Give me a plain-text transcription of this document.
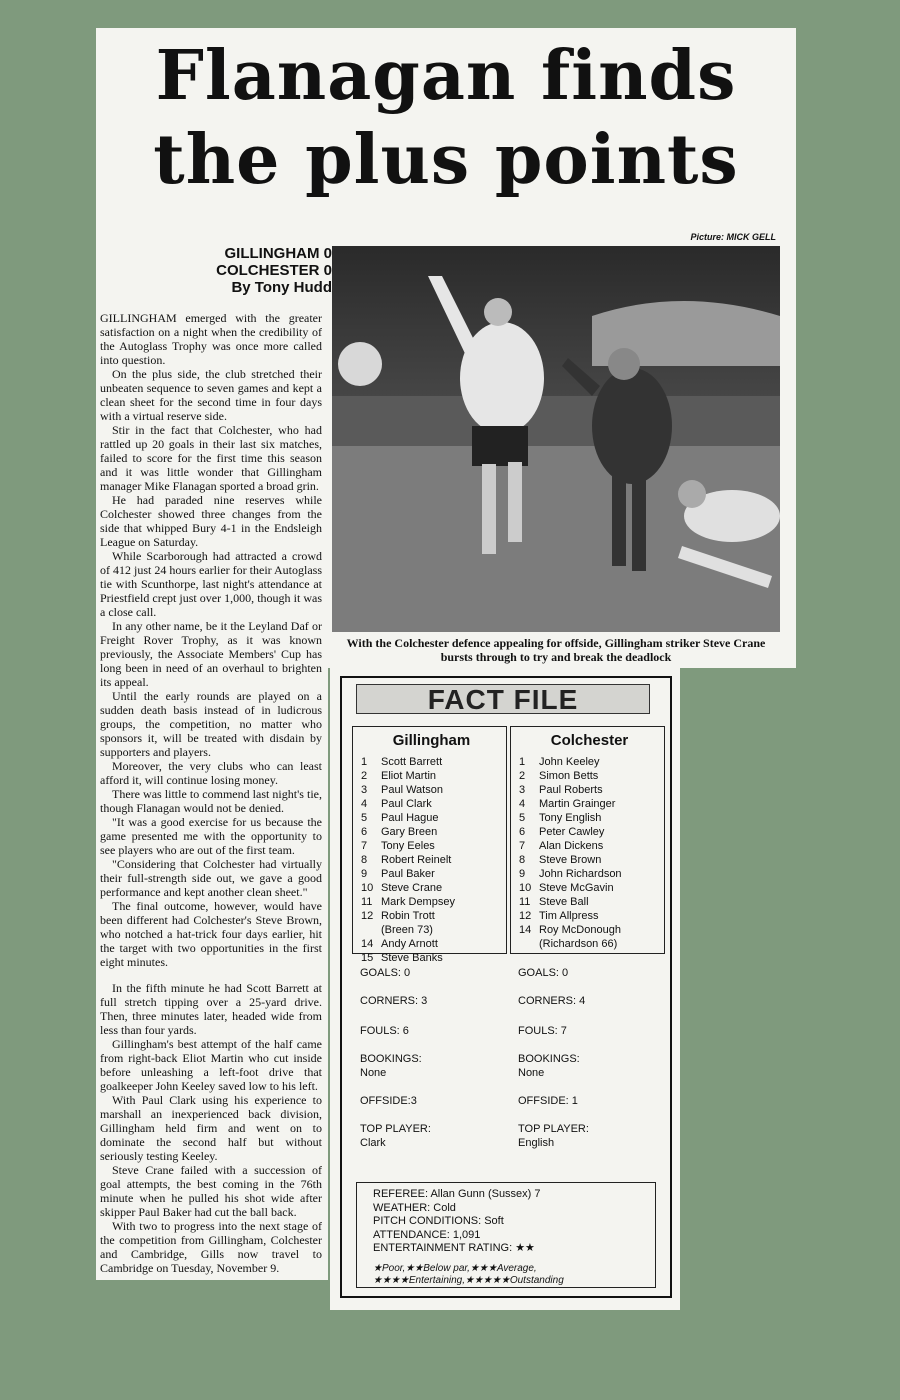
Flanagan finds
the plus points
GILLINGHAM 0
COLCHESTER 0
By Tony Hudd

GILLINGHAM emerged with the greater satisfaction on a night when the credibility of the Autoglass Trophy was once more called into question.

On the plus side, the club stretched their unbeaten sequence to seven games and kept a clean sheet for the second time in four days with a virtual reserve side.

Stir in the fact that Colchester, who had rattled up 20 goals in their last six matches, failed to score for the first time this season and it was little wonder that Gillingham manager Mike Flanagan sported a broad grin.

He had paraded nine reserves while Colchester showed three changes from the side that whipped Bury 4-1 in the Endsleigh League on Saturday.

While Scarborough had attracted a crowd of 412 just 24 hours earlier for their Autoglass tie with Scunthorpe, last night's attendance at Priestfield crept just over 1,000, though it was a close call.

In any other name, be it the Leyland Daf or Freight Rover Trophy, as it was known previously, the Associate Members' Cup has long been in need of an overhaul to brighten its appeal.

Until the early rounds are played on a sudden death basis instead of in ludicrous groups, the competition, no matter who sponsors it, will be treated with disdain by supporters and players.

Moreover, the very clubs who can least afford it, will continue losing money.

There was little to commend last night's tie, though Flanagan would not be denied.

"It was a good exercise for us because the game presented me with the opportunity to see players who are out of the first team.

"Considering that Colchester had virtually their full-strength side out, we gave a good performance and kept another clean sheet."

The final outcome, however, would have been different had Colchester's Steve Brown, who notched a hat-trick four days earlier, hit the target with two opportunities in the first eight minutes.

In the fifth minute he had Scott Barrett at full stretch tipping over a 25-yard drive. Then, three minutes later, headed wide from less than four yards.

Gillingham's best attempt of the half came from right-back Eliot Martin who cut inside before unleashing a left-foot drive that goalkeeper John Keeley saved low to his left.

With Paul Clark using his experience to marshall an inexperienced back division, Gillingham held firm and went on to dominate the second half but without seriously testing Keeley.

Steve Crane failed with a succession of goal attempts, the best coming in the 76th minute when he pulled his shot wide after skipper Paul Baker had cut the ball back.

With two to progress into the next stage of the competition from Gillingham, Colchester and Cambridge, Gills now travel to Cambridge on Tuesday, November 9.

Picture: MICK GELL
With the Colchester defence appealing for offside, Gillingham striker Steve Crane bursts through to try and break the deadlock
FACT FILE
Gillingham
1	Scott Barrett
2	Eliot Martin
3	Paul Watson
4	Paul Clark
5	Paul Hague
6	Gary Breen
7	Tony Eeles
8	Robert Reinelt
9	Paul Baker
10 Steve Crane
11 Mark Dempsey
12 Robin Trott
(Breen 73)
14 Andy Arnott
15 Steve Banks
GOALS: 0
CORNERS: 3
FOULS: 6
BOOKINGS:
None
OFFSIDE:3
TOP PLAYER:
Clark
Colchester
1	John Keeley
2	Simon Betts
3	Paul Roberts
4	Martin Grainger
5	Tony English
6	Peter Cawley
7	Alan Dickens
8	Steve Brown
9	John Richardson
10 Steve McGavin
11 Steve Ball
12 Tim Allpress
14 Roy McDonough
(Richardson 66)
GOALS: 0
CORNERS: 4
FOULS: 7
BOOKINGS:
None
OFFSIDE: 1
TOP PLAYER:
English
REFEREE: Allan Gunn (Sussex) 7
WEATHER: Cold
PITCH CONDITIONS: Soft
ATTENDANCE: 1,091
ENTERTAINMENT RATING: ★★
★Poor,★★Below par,★★★Average,
★★★★Entertaining,★★★★★Outstanding
